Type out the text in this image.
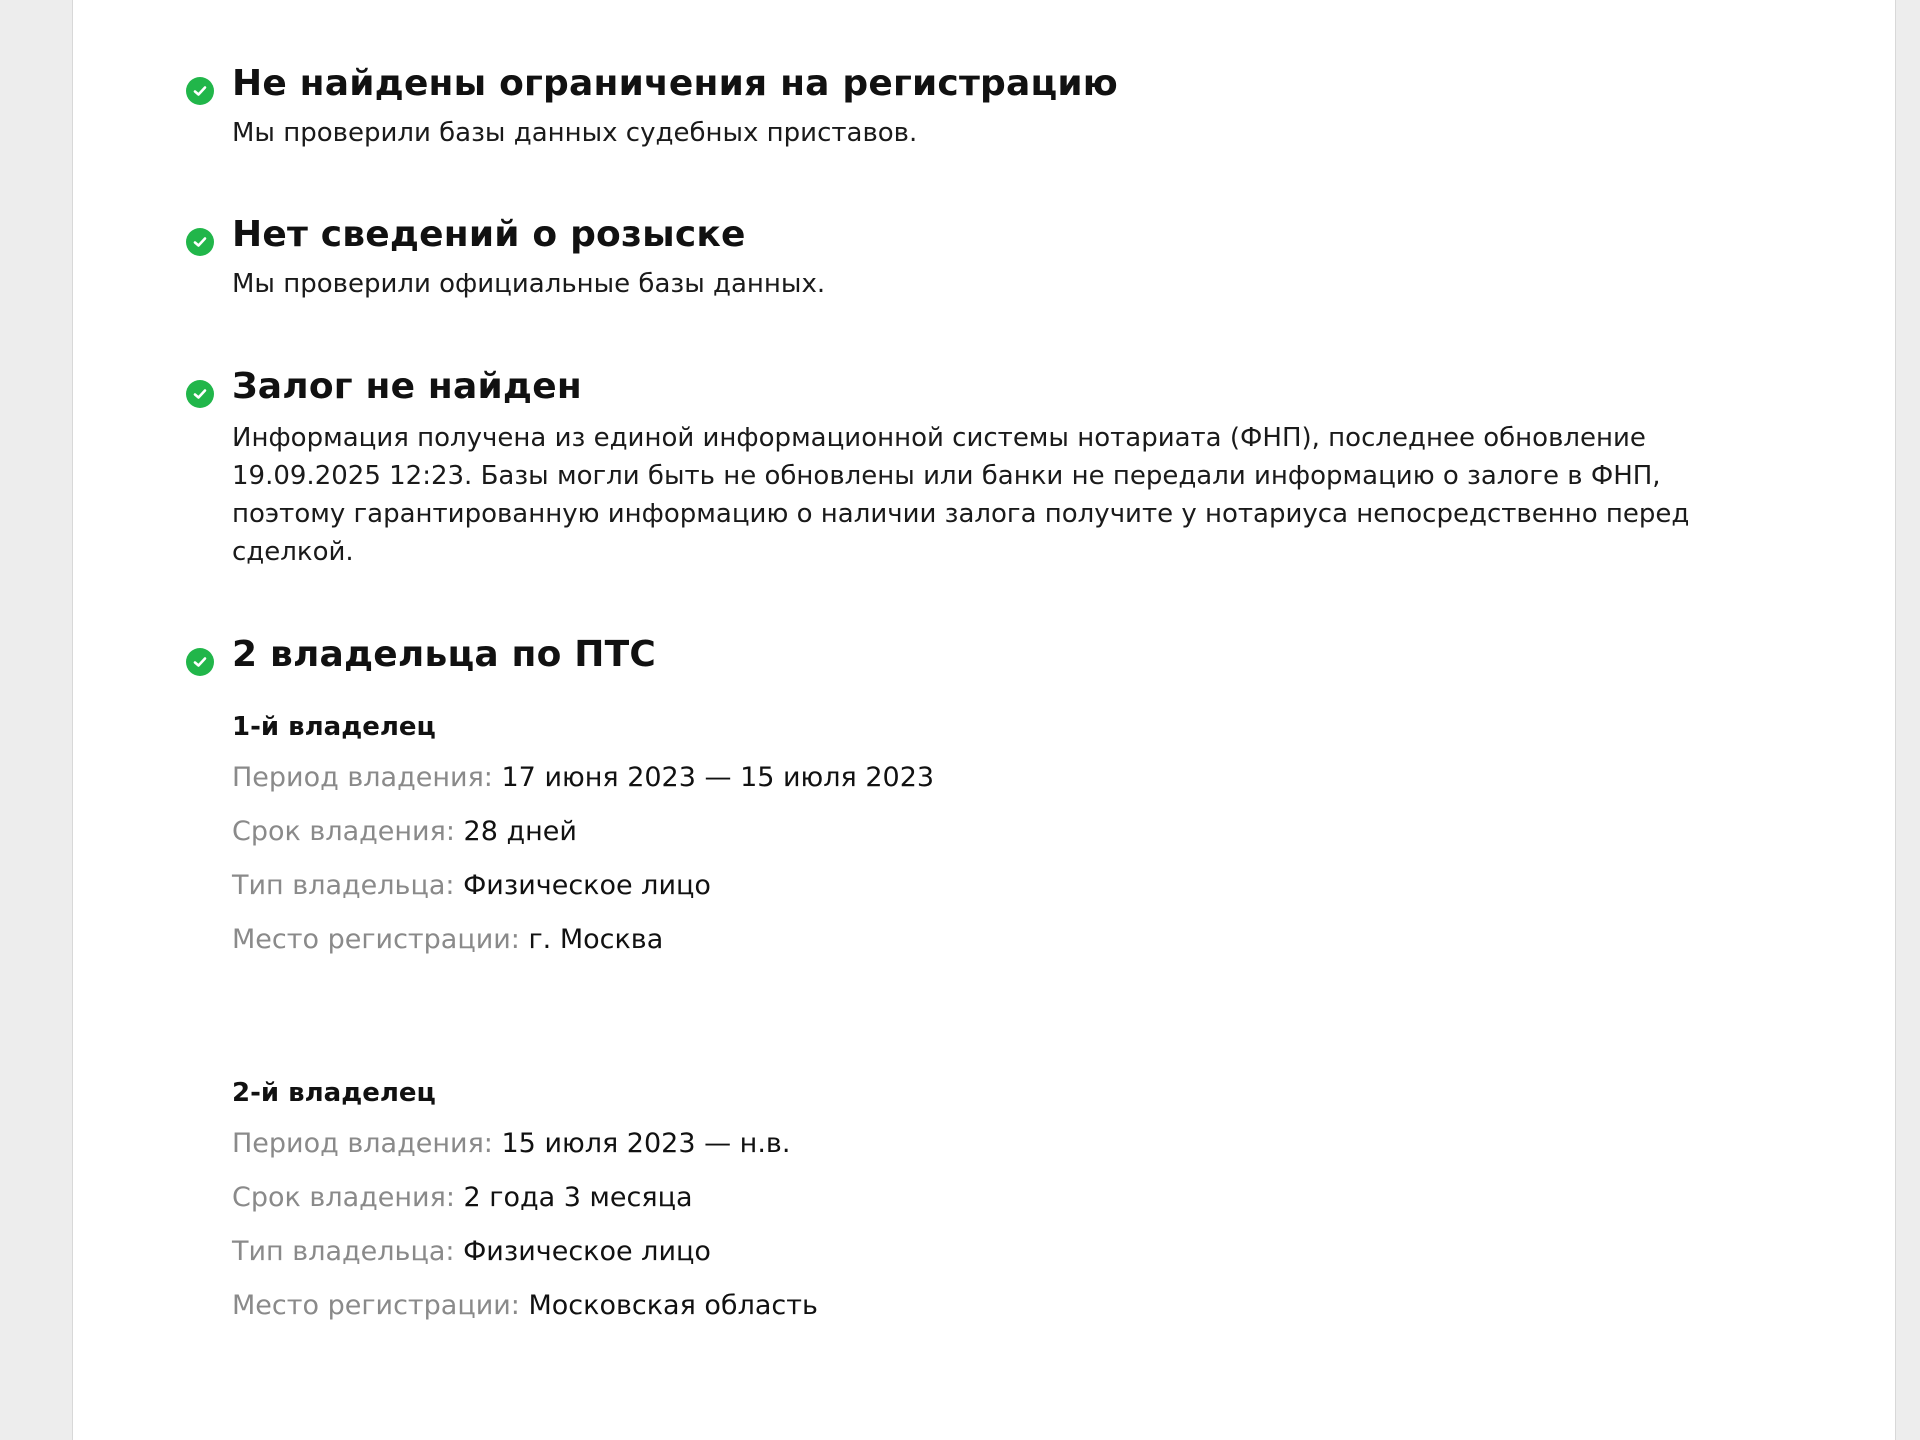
Не найдены ограничения на регистрацию

Мы проверили базы данных судебных приставов.

Нет сведений о розыске

Мы проверили официальные базы данных.

Залог не найден

Информация получена из единой информационной системы нотариата (ФНП), последнее обновление 19.09.2025 12:23. Базы могли быть не обновлены или банки не передали информацию о залоге в ФНП, поэтому гарантированную информацию о наличии залога получите у нотариуса непосредственно перед сделкой.

2 владельца по ПТС
1-й владелец

Период владения: 17 июня 2023 — 15 июля 2023

Срок владения: 28 дней

Тип владельца: Физическое лицо

Место регистрации: г. Москва

2-й владелец

Период владения: 15 июля 2023 — н.в.

Срок владения: 2 года 3 месяца

Тип владельца: Физическое лицо

Место регистрации: Московская область
